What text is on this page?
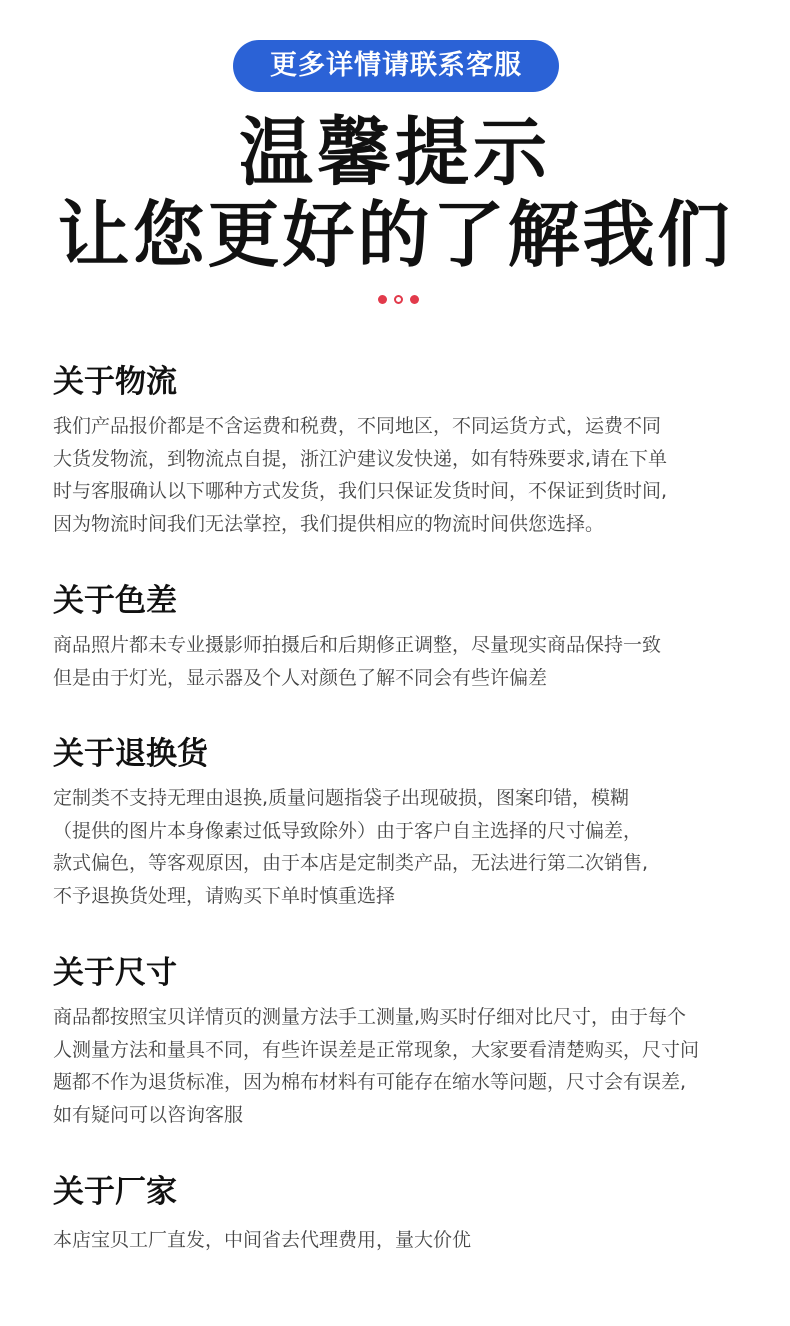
更多详情请联系客服
温馨提示
让您更好的了解我们
关于物流
我们产品报价都是不含运费和税费，不同地区，不同运货方式，运费不同
大货发物流，到物流点自提，浙江沪建议发快递，如有特殊要求,请在下单
时与客服确认以下哪种方式发货，我们只保证发货时间，不保证到货时间,
因为物流时间我们无法掌控，我们提供相应的物流时间供您选择。
关于色差
商品照片都未专业摄影师拍摄后和后期修正调整，尽量现实商品保持一致
但是由于灯光，显示器及个人对颜色了解不同会有些许偏差
关于退换货
定制类不支持无理由退换,质量问题指袋子出现破损，图案印错，模糊
（提供的图片本身像素过低导致除外）由于客户自主选择的尺寸偏差，
款式偏色，等客观原因，由于本店是定制类产品，无法进行第二次销售,
不予退换货处理，请购买下单时慎重选择
关于尺寸
商品都按照宝贝详情页的测量方法手工测量,购买时仔细对比尺寸，由于每个
人测量方法和量具不同，有些许误差是正常现象，大家要看清楚购买，尺寸问
题都不作为退货标准，因为棉布材料有可能存在缩水等问题，尺寸会有误差,
如有疑问可以咨询客服
关于厂家
本店宝贝工厂直发，中间省去代理费用，量大价优
